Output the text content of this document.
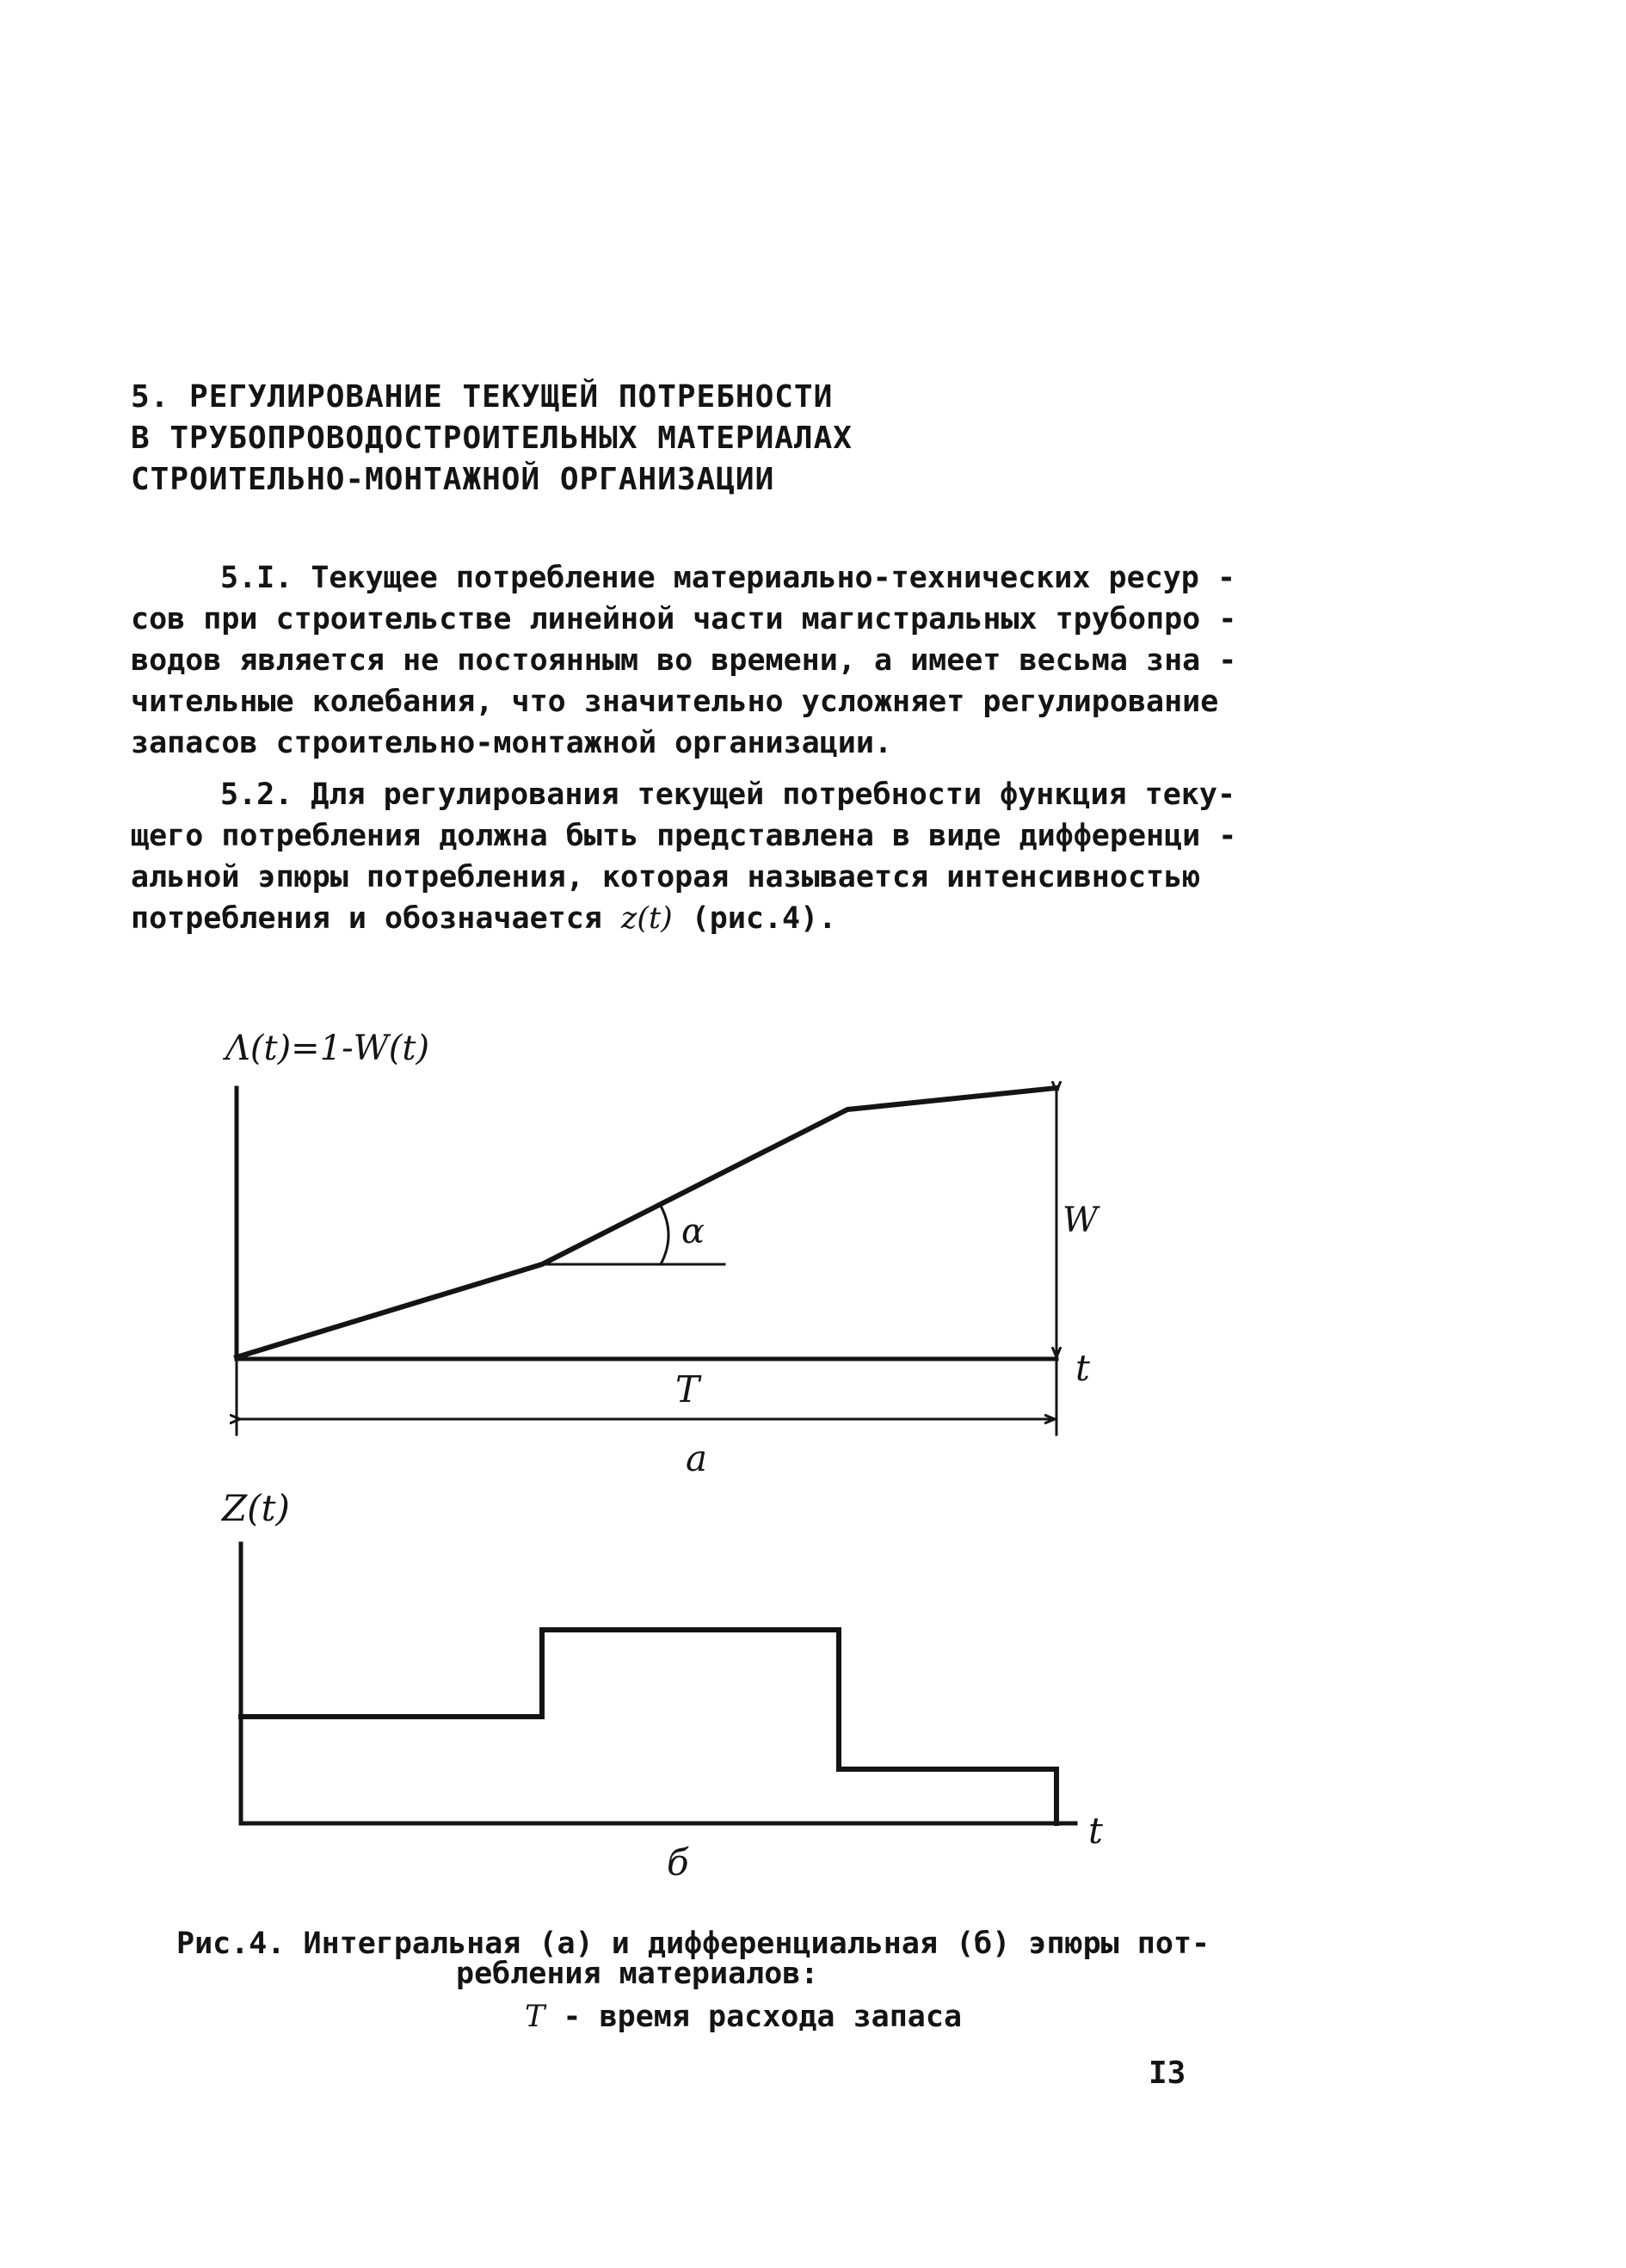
5. РЕГУЛИРОВАНИЕ ТЕКУЩЕЙ ПОТРЕБНОСТИ
В ТРУБОПРОВОДОСТРОИТЕЛЬНЫХ МАТЕРИАЛАХ
СТРОИТЕЛЬНО-МОНТАЖНОЙ ОРГАНИЗАЦИИ
5.I. Текущее потребление материально-технических ресур -
сов при строительстве линейной части магистральных трубопро -
водов является не постоянным во времени, а имеет весьма зна -
чительные колебания, что значительно усложняет регулирование
запасов строительно-монтажной организации.
5.2. Для регулирования текущей потребности функция теку-
щего потребления должна быть представлена в виде дифференци -
альной эпюры потребления, которая называется интенсивностью
потребления и обозначается z(t) (рис.4).
Λ(t)=1-W(t)
α	W
t
T
a
Z(t)
t
б
Рис.4. Интегральная (а) и дифференциальная (б) эпюры пот-
ребления материалов:
T - время расхода запаса
I3
